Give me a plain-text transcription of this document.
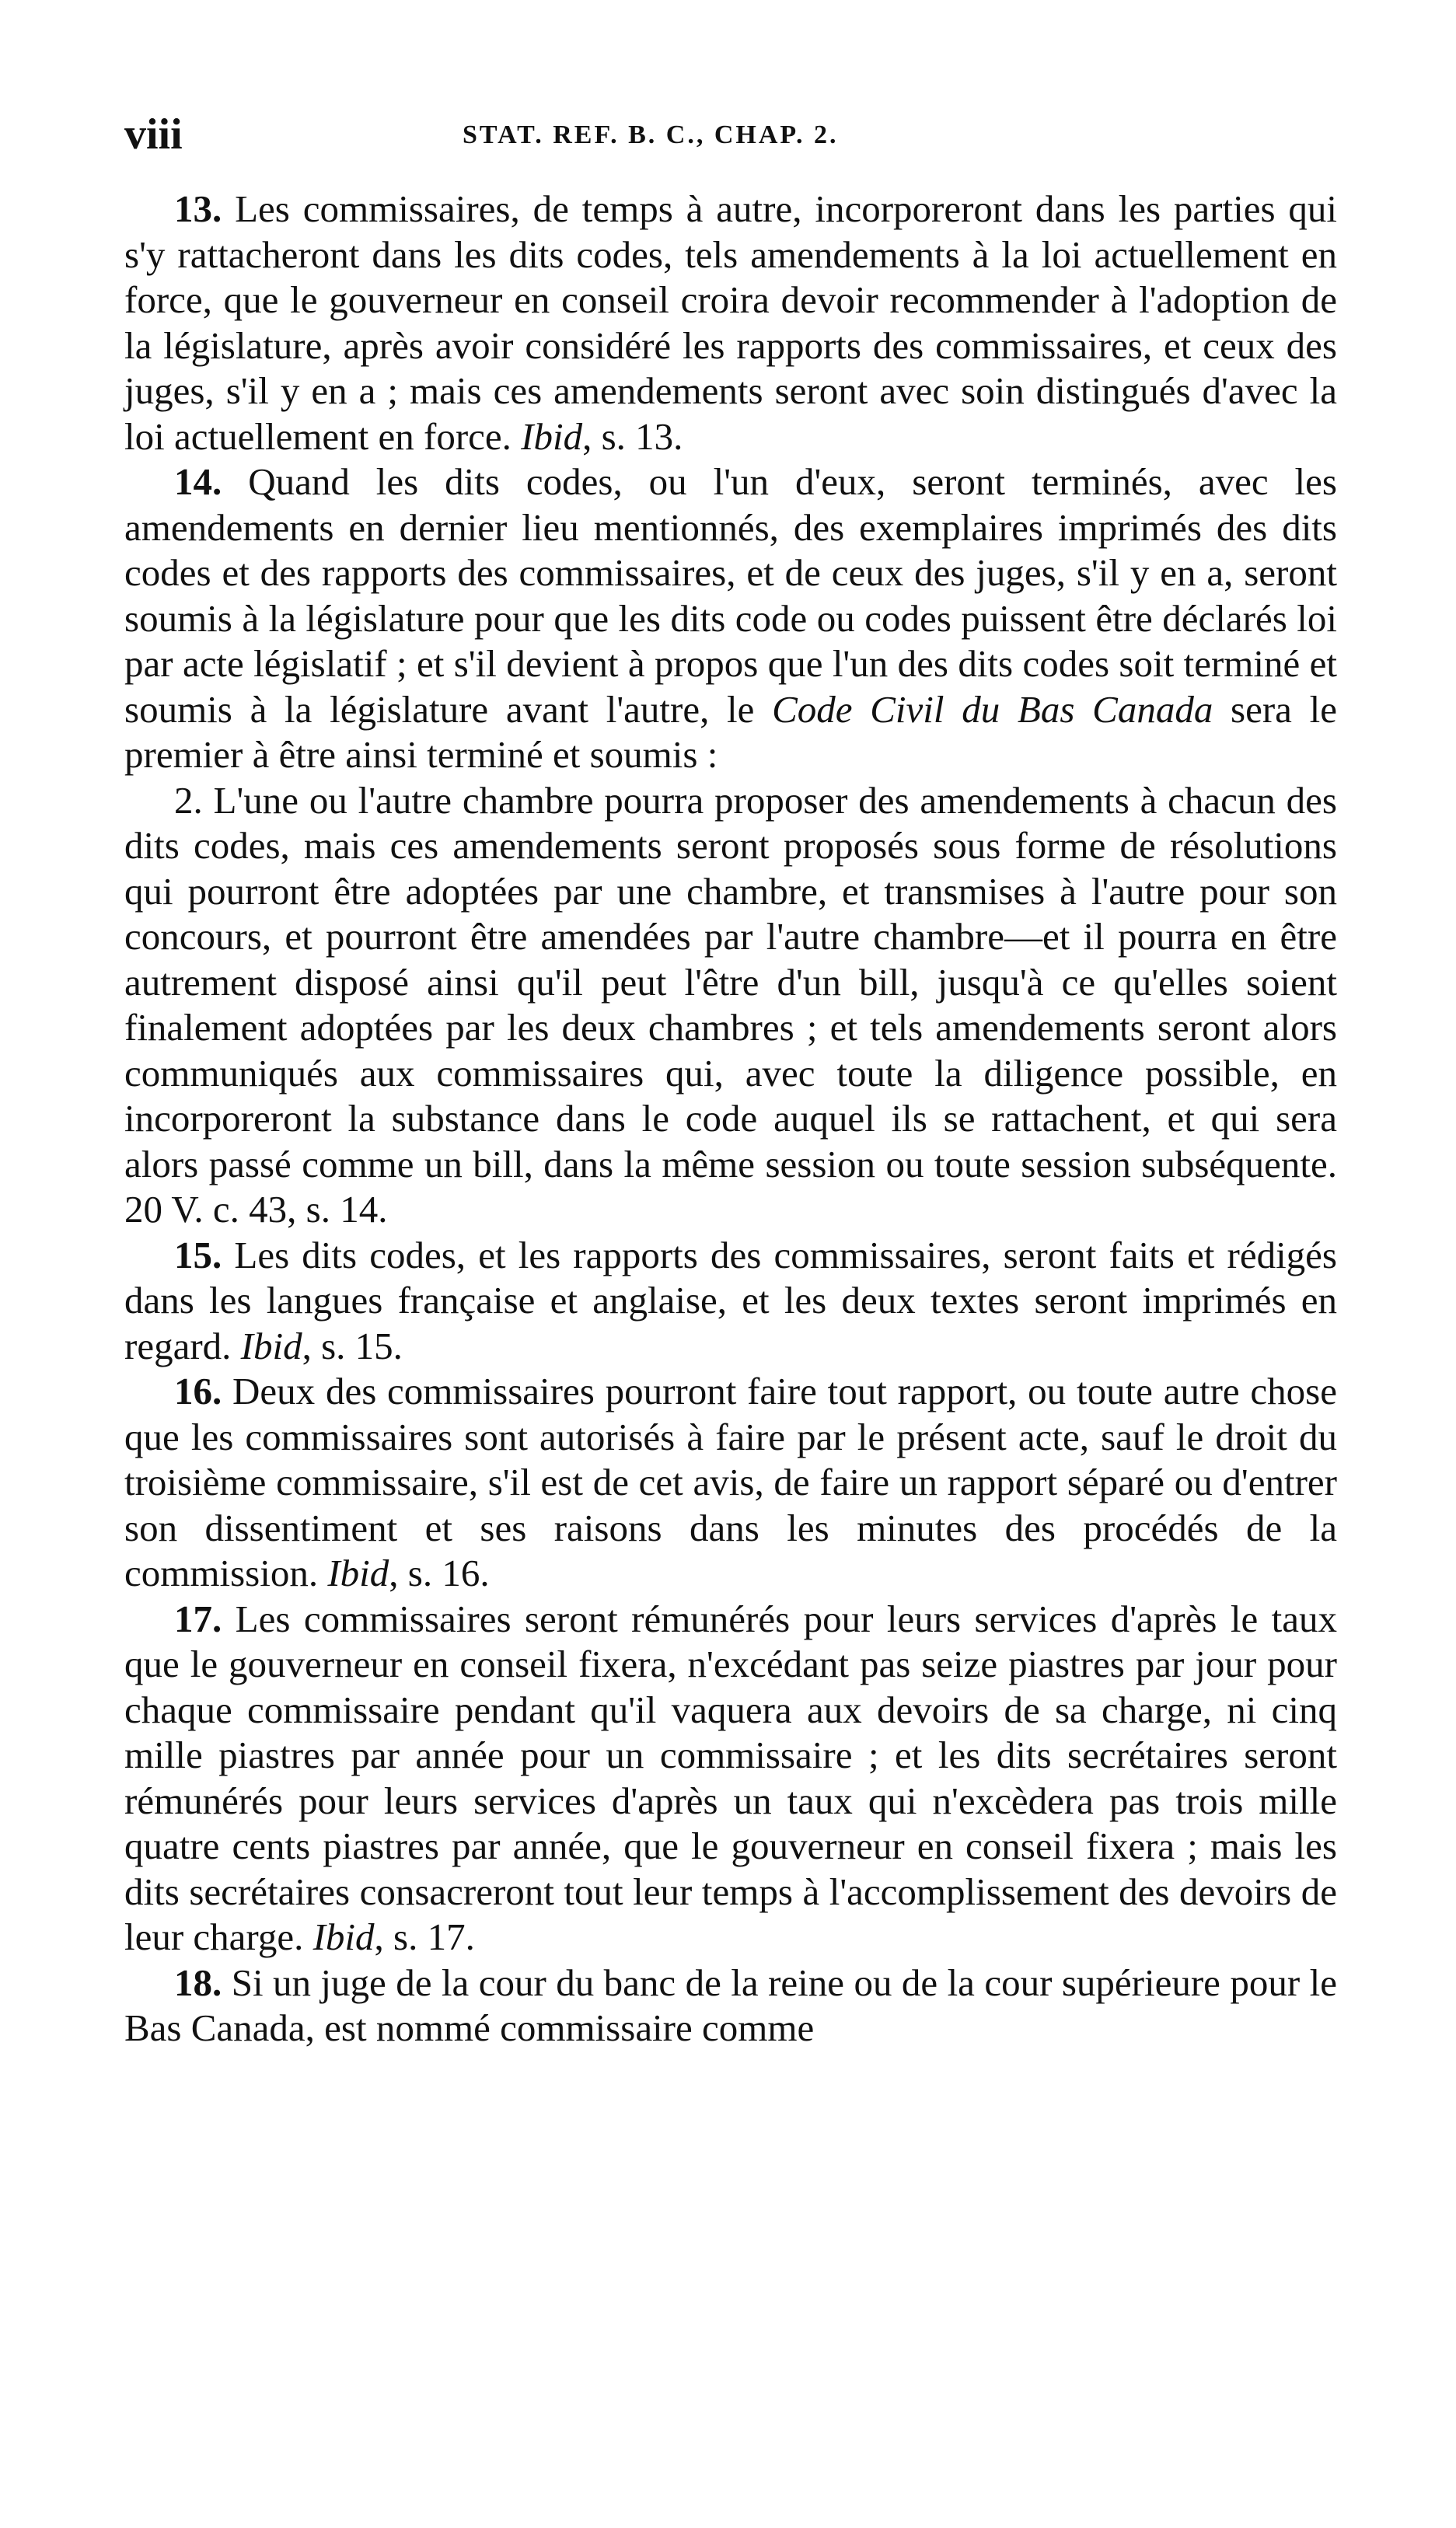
viii	STAT. REF. B. C., CHAP. 2.

13. Les commissaires, de temps à autre, incorporeront dans les parties qui s'y rattacheront dans les dits codes, tels amendements à la loi actuellement en force, que le gouverneur en conseil croira devoir recommender à l'adoption de la législature, après avoir considéré les rapports des commissaires, et ceux des juges, s'il y en a ; mais ces amendements seront avec soin distingués d'avec la loi actuellement en force. Ibid, s. 13.

14. Quand les dits codes, ou l'un d'eux, seront terminés, avec les amendements en dernier lieu mentionnés, des exemplaires imprimés des dits codes et des rapports des commissaires, et de ceux des juges, s'il y en a, seront soumis à la législature pour que les dits code ou codes puissent être déclarés loi par acte législatif ; et s'il devient à propos que l'un des dits codes soit terminé et soumis à la législature avant l'autre, le Code Civil du Bas Canada sera le premier à être ainsi terminé et soumis :

2. L'une ou l'autre chambre pourra proposer des amendements à chacun des dits codes, mais ces amendements seront proposés sous forme de résolutions qui pourront être adoptées par une chambre, et transmises à l'autre pour son concours, et pourront être amendées par l'autre chambre—et il pourra en être autrement disposé ainsi qu'il peut l'être d'un bill, jusqu'à ce qu'elles soient finalement adoptées par les deux chambres ; et tels amendements seront alors communiqués aux commissaires qui, avec toute la diligence possible, en incorporeront la substance dans le code auquel ils se rattachent, et qui sera alors passé comme un bill, dans la même session ou toute session subséquente. 20 V. c. 43, s. 14.

15. Les dits codes, et les rapports des commissaires, seront faits et rédigés dans les langues française et anglaise, et les deux textes seront imprimés en regard. Ibid, s. 15.

16. Deux des commissaires pourront faire tout rapport, ou toute autre chose que les commissaires sont autorisés à faire par le présent acte, sauf le droit du troisième commissaire, s'il est de cet avis, de faire un rapport séparé ou d'entrer son dissentiment et ses raisons dans les minutes des procédés de la commission. Ibid, s. 16.

17. Les commissaires seront rémunérés pour leurs services d'après le taux que le gouverneur en conseil fixera, n'excédant pas seize piastres par jour pour chaque commissaire pendant qu'il vaquera aux devoirs de sa charge, ni cinq mille piastres par année pour un commissaire ; et les dits secrétaires seront rémunérés pour leurs services d'après un taux qui n'excèdera pas trois mille quatre cents piastres par année, que le gouverneur en conseil fixera ; mais les dits secrétaires consacreront tout leur temps à l'accomplissement des devoirs de leur charge. Ibid, s. 17.

18. Si un juge de la cour du banc de la reine ou de la cour supérieure pour le Bas Canada, est nommé commissaire comme
